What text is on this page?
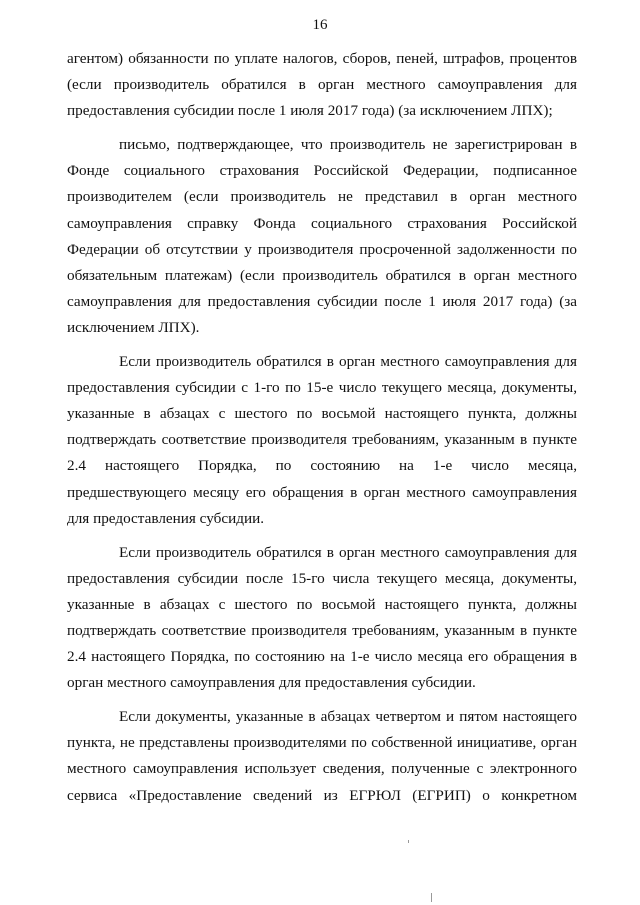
16

агентом) обязанности по уплате налогов, сборов, пеней, штрафов, процентов (если производитель обратился в орган местного самоуправления для предоставления субсидии после 1 июля 2017 года) (за исключением ЛПХ);

письмо, подтверждающее, что производитель не зарегистрирован в Фонде социального страхования Российской Федерации, подписанное производителем (если производитель не представил в орган местного самоуправления справку Фонда социального страхования Российской Федерации об отсутствии у производителя просроченной задолженности по обязательным платежам) (если производитель обратился в орган местного самоуправления для предоставления субсидии после 1 июля 2017 года) (за исключением ЛПХ).

Если производитель обратился в орган местного самоуправления для предоставления субсидии с 1-го по 15-е число текущего месяца, документы, указанные в абзацах с шестого по восьмой настоящего пункта, должны подтверждать соответствие производителя требованиям, указанным в пункте 2.4 настоящего Порядка, по состоянию на 1-е число месяца, предшествующего месяцу его обращения в орган местного самоуправления для предоставления субсидии.

Если производитель обратился в орган местного самоуправления для предоставления субсидии после 15-го числа текущего месяца, документы, указанные в абзацах с шестого по восьмой настоящего пункта, должны подтверждать соответствие производителя требованиям, указанным в пункте 2.4 настоящего Порядка, по состоянию на 1-е число месяца его обращения в орган местного самоуправления для предоставления субсидии.

Если документы, указанные в абзацах четвертом и пятом настоящего пункта, не представлены производителями по собственной инициативе, орган местного самоуправления использует сведения, полученные с электронного сервиса «Предоставление сведений из ЕГРЮЛ (ЕГРИП) о конкретном
